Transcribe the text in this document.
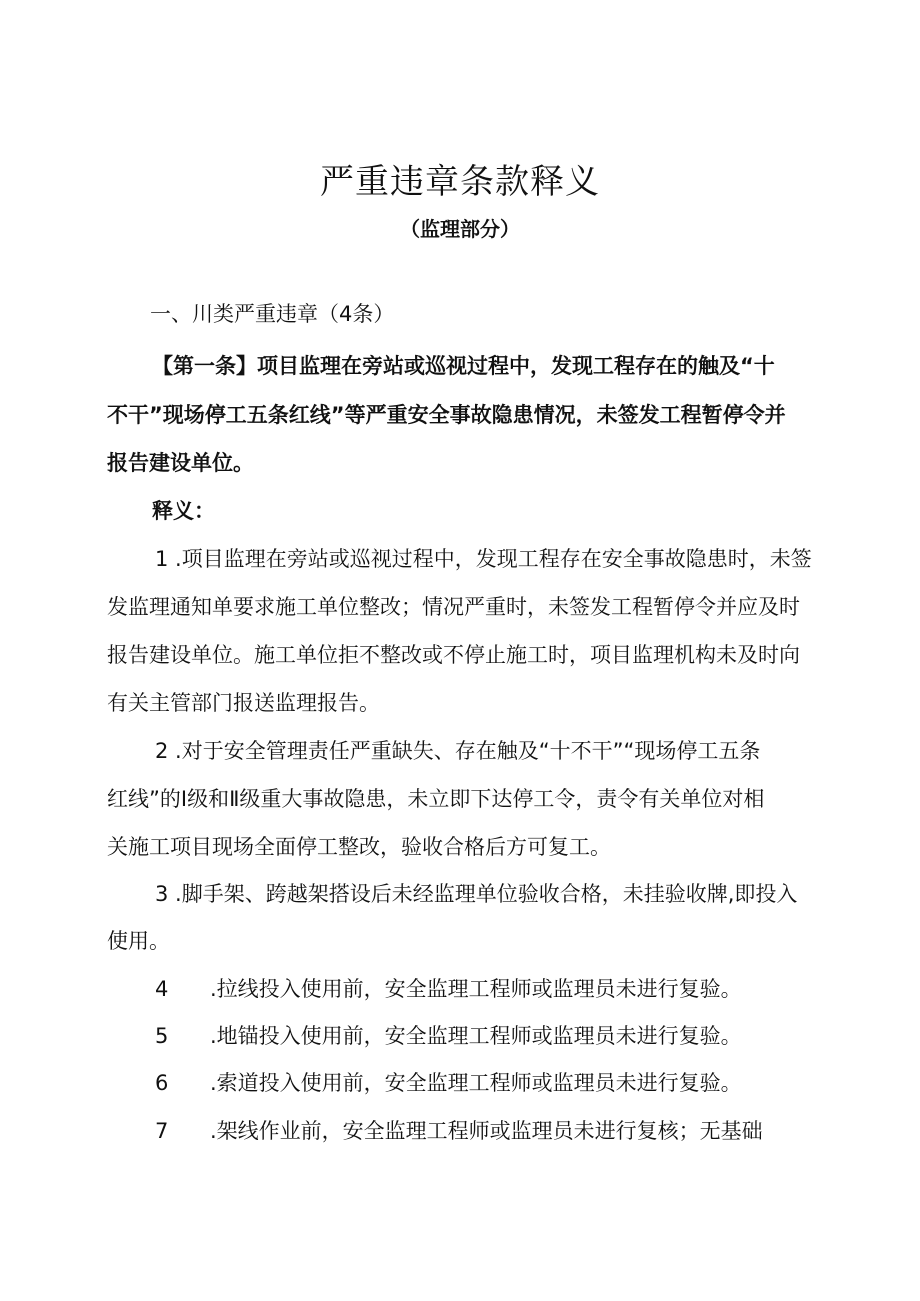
严重违章条款释义
（监理部分）
一、川类严重违章（4条）
【第一条】项目监理在旁站或巡视过程中，发现工程存在的触及“十
不干”现场停工五条红线”等严重安全事故隐患情况，未签发工程暂停令并
报告建设单位。
释义：
1 .项目监理在旁站或巡视过程中，发现工程存在安全事故隐患时，未签
发监理通知单要求施工单位整改；情况严重时，未签发工程暂停令并应及时
报告建设单位。施工单位拒不整改或不停止施工时，项目监理机构未及时向
有关主管部门报送监理报告。
2 .对于安全管理责任严重缺失、存在触及“十不干”“现场停工五条
红线”的Ⅰ级和Ⅱ级重大事故隐患，未立即下达停工令，责令有关单位对相
关施工项目现场全面停工整改，验收合格后方可复工。
3 .脚手架、跨越架搭设后未经监理单位验收合格，未挂验收牌,即投入
使用。
4 .拉线投入使用前，安全监理工程师或监理员未进行复验。
5 .地锚投入使用前，安全监理工程师或监理员未进行复验。
6 .索道投入使用前，安全监理工程师或监理员未进行复验。
7 .架线作业前，安全监理工程师或监理员未进行复核；无基础
